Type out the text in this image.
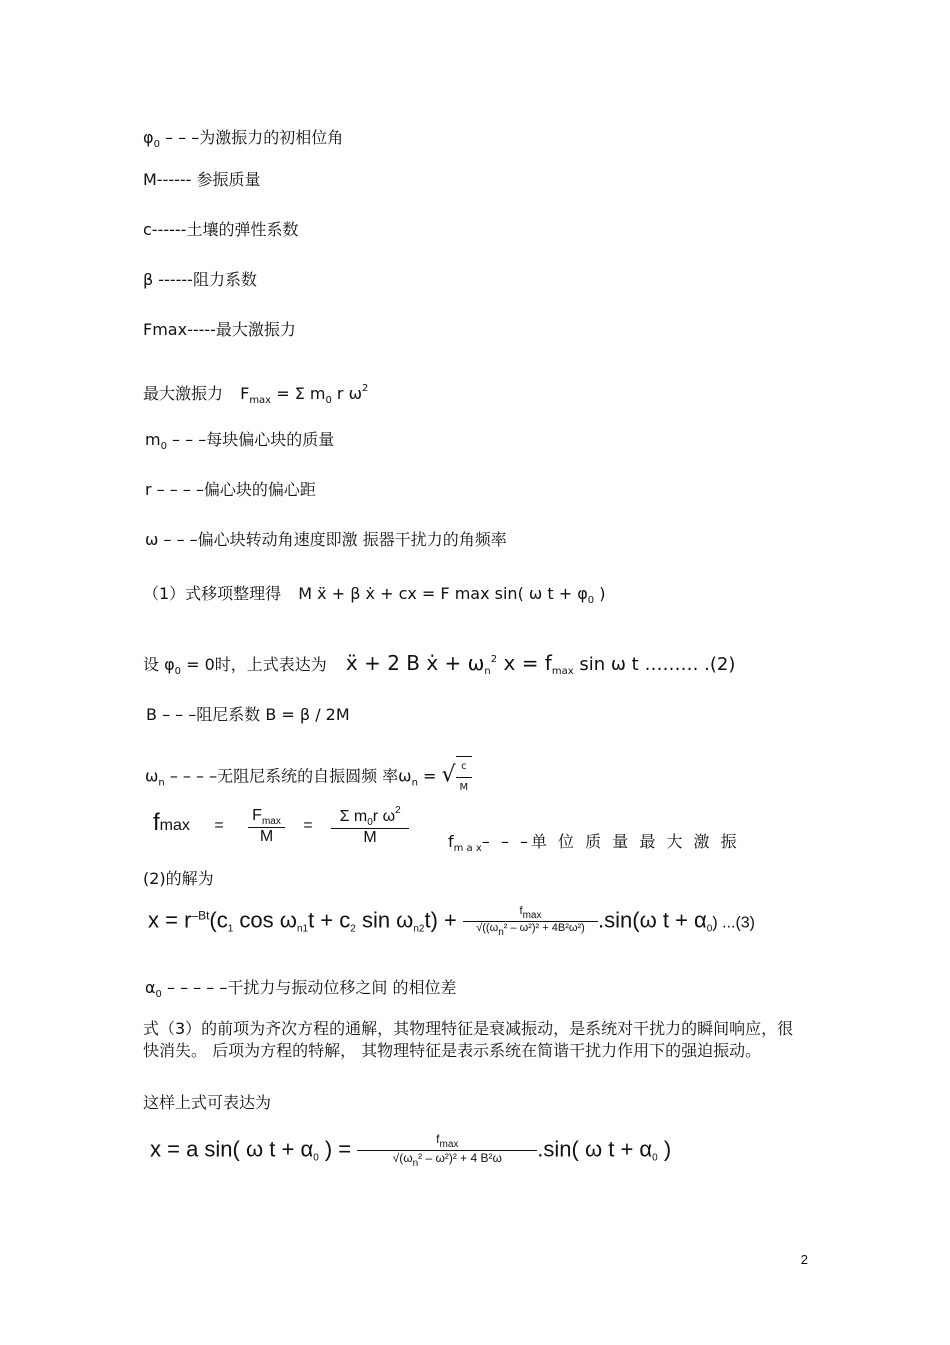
$\varphi_0$ – – –为激振力的初相位角
M------ 参振质量
c------土壤的弹性系数
β ------阻力系数
Fmax-----最大激振力
最大激振力 $F_{max} = \Sigma$ $m_0$ r $\omega^2$
$m_0$ – – –每块偏心块的质量
r – – – –偏心块的偏心距
ω – – –偏心块转动角速度即激 振器干扰力的角频率
（1）式移项整理得 M ẍ + β ẋ + cx = F max sin( ω $t + \varphi_0$ )
设 $\varphi_0 = 0$时，上式表达为 ẍ + 2 B ẋ + $\omega_n^2$ $x = f_{max}$ sin ω t ……… .(2)
B – – –阻尼系数 B = β / 2M
$\omega_n$ – – – –无阻尼系统的自振圆频 率$\omega_n$ = √ $\frac{c}{M}$
$fmax = \frac{F_{max}}{M} = \frac{\Sigma m_0r \omega^2}{M} f_{m a x}-$ – –单 位 质 量 最 大 激 振
(2)的解为
$x = r^{-Bt}(c_1$ $\cos \omega_{n1}t + c_2$ $\sin \omega_{n2}t) + \frac{fmax}{\text{√((ωn² – ω²)² + 4B²ω²)}} .\sin(\omega$ $t + \alpha_0$) ...(3)
$\alpha_0$ – – – – –干扰力与振动位移之间 的相位差
式（3）的前项为齐次方程的通解，其物理特征是衰减振动，是系统对干扰力的瞬间响应，很快消失。 后项为方程的特解， 其物理特征是表示系统在简谐干扰力作用下的强迫振动。
这样上式可表达为
x = a sin( ω $t + \alpha_0$ ) = $\frac{f_{max}}{√(\omega_n^2 - \omega^2)^2 + 4 B^2\omega} .\sin$( ω $t + \alpha_0$ )
2
